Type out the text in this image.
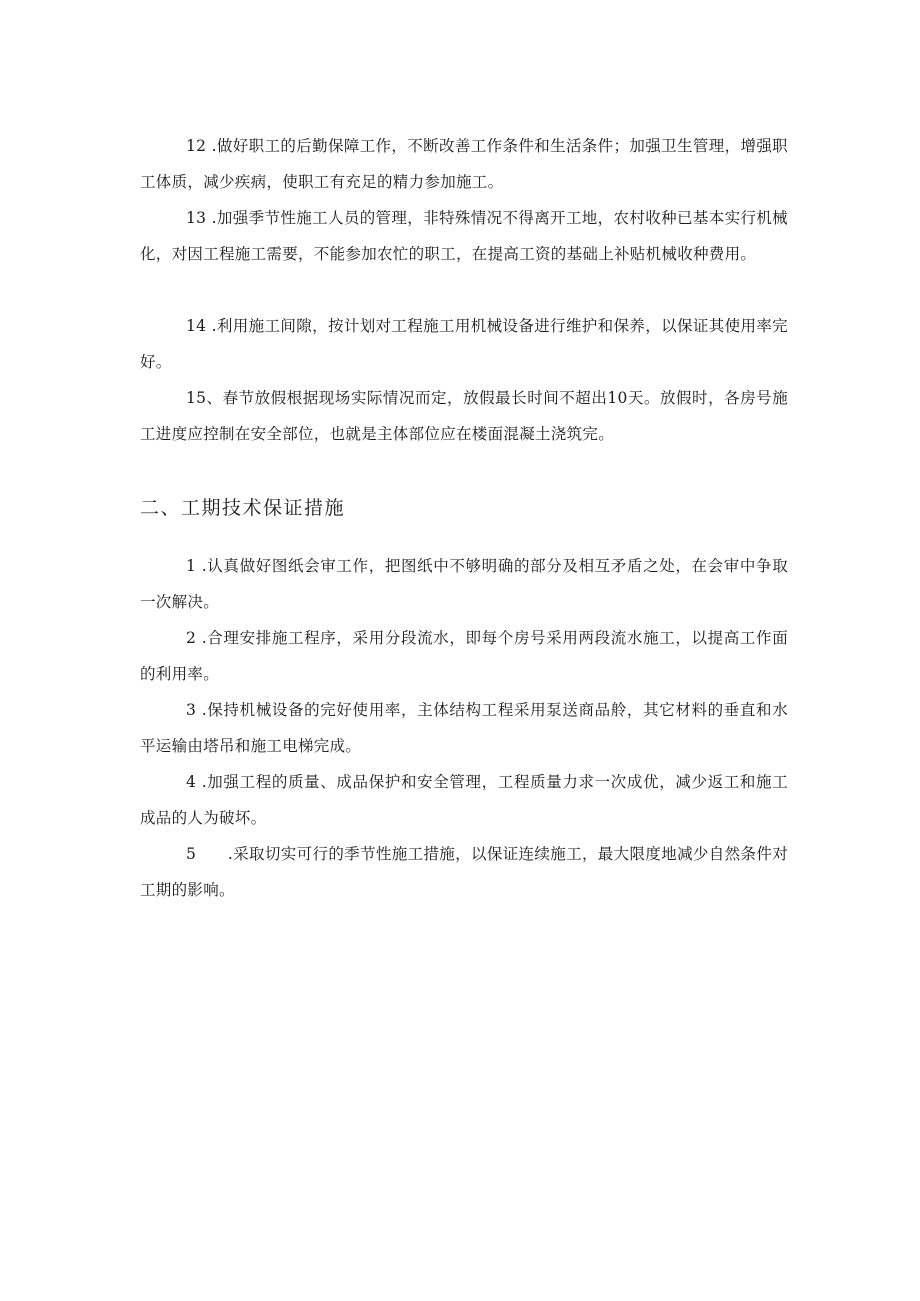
12 .做好职工的后勤保障工作，不断改善工作条件和生活条件；加强卫生管理，增强职工体质，减少疾病，使职工有充足的精力参加施工。

13 .加强季节性施工人员的管理，非特殊情况不得离开工地，农村收种已基本实行机械化，对因工程施工需要，不能参加农忙的职工，在提高工资的基础上补贴机械收种费用。

14 .利用施工间隙，按计划对工程施工用机械设备进行维护和保养，以保证其使用率完好。

15、春节放假根据现场实际情况而定，放假最长时间不超出10天。放假时，各房号施工进度应控制在安全部位，也就是主体部位应在楼面混凝土浇筑完。

二、工期技术保证措施

1 .认真做好图纸会审工作，把图纸中不够明确的部分及相互矛盾之处，在会审中争取一次解决。

2 .合理安排施工程序，采用分段流水，即每个房号采用两段流水施工，以提高工作面的利用率。

3 .保持机械设备的完好使用率，主体结构工程采用泵送商品舲，其它材料的垂直和水平运输由塔吊和施工电梯完成。

4 .加强工程的质量、成品保护和安全管理，工程质量力求一次成优，减少返工和施工成品的人为破坏。

5　　.采取切实可行的季节性施工措施，以保证连续施工，最大限度地减少自然条件对工期的影响。
